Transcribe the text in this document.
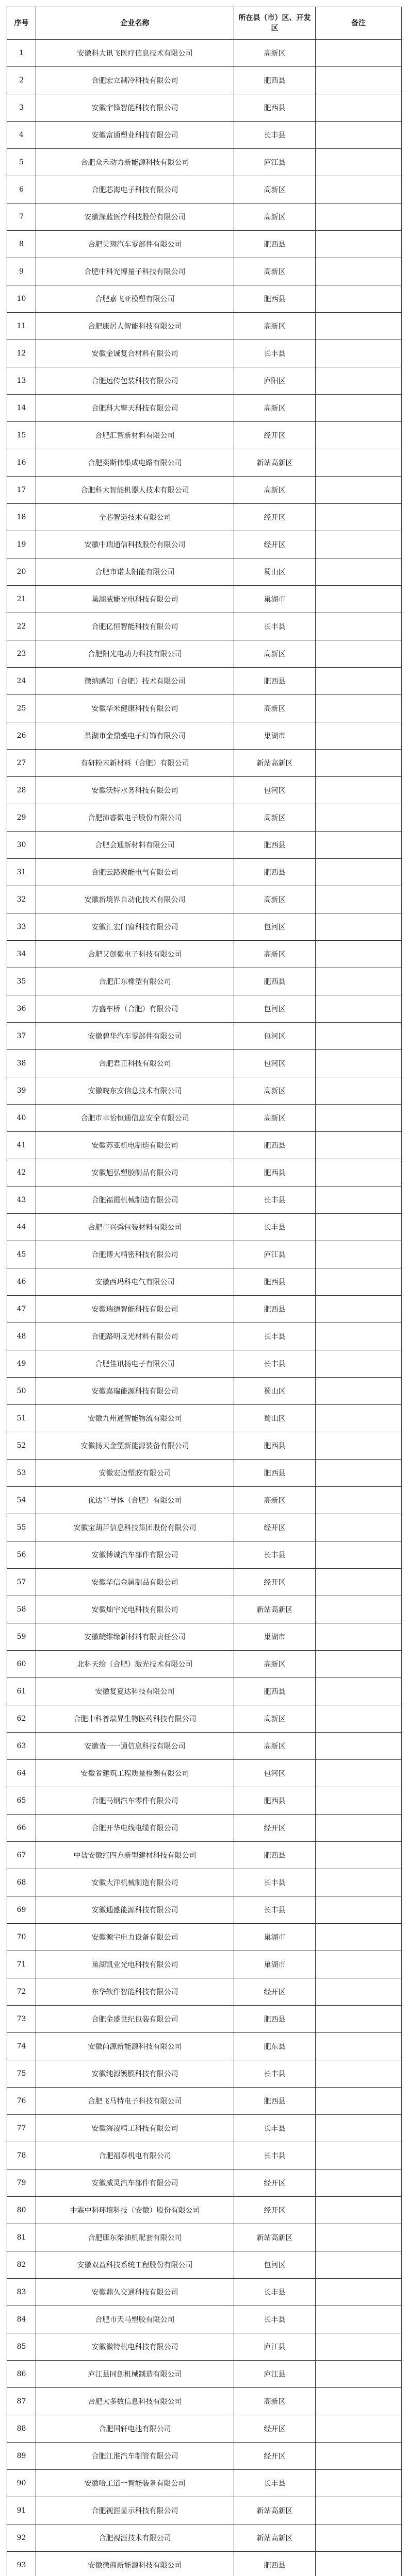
序号	企业名称	所在县（市）区、开发区	备注
1	安徽科大讯飞医疗信息技术有限公司	高新区	
2	合肥宏立制冷科技有限公司	肥西县	
3	安徽宇锋智能科技有限公司	肥西县	
4	安徽富通塑业科技有限公司	长丰县	
5	合肥众禾动力新能源科技有限公司	庐江县	
6	合肥芯海电子科技有限公司	高新区	
7	安徽深蓝医疗科技股份有限公司	高新区	
8	合肥昊翔汽车零部件有限公司	肥西县	
9	合肥中科光博量子科技有限公司	高新区	
10	合肥嘉飞亚模塑有限公司	肥西县	
11	合肥康居人智能科技有限公司	高新区	
12	安徽金诚复合材料有限公司	长丰县	
13	合肥远传包装科技有限公司	庐阳区	
14	合肥科大擎天科技有限公司	高新区	
15	合肥汇智新材料有限公司	经开区	
16	合肥奕斯伟集成电路有限公司	新站高新区	
17	合肥科大智能机器人技术有限公司	高新区	
18	全芯智造技术有限公司	经开区	
19	安徽中瑞通信科技股份有限公司	经开区	
20	合肥市诺太阳能有限公司	蜀山区	
21	巢湖威能光电科技有限公司	巢湖市	
22	合肥亿恒智能科技有限公司	长丰县	
23	合肥阳光电动力科技有限公司	高新区	
24	微纳感知（合肥）技术有限公司	肥西县	
25	安徽华米健康科技有限公司	高新区	
26	巢湖市金鼎盛电子灯饰有限公司	巢湖市	
27	有研粉末新材料（合肥）有限公司	新站高新区	
28	安徽沃特水务科技有限公司	包河区	
29	合肥沛睿微电子股份有限公司	高新区	
30	合肥会通新材料有限公司	肥西县	
31	合肥云路聚能电气有限公司	肥西县	
32	安徽新境界自动化技术有限公司	高新区	
33	安徽汇宏门窗科技有限公司	包河区	
34	合肥艾创微电子科技有限公司	高新区	
35	合肥汇东橡塑有限公司	肥西县	
36	方盛车桥（合肥）有限公司	包河区	
37	安徽碧华汽车零部件有限公司	包河区	
38	合肥君正科技有限公司	包河区	
39	安徽皖东安信息技术有限公司	高新区	
40	合肥市卓怡恒通信息安全有限公司	高新区	
41	安徽苏亚机电制造有限公司	肥西县	
42	安徽旭弘塑胶制品有限公司	肥西县	
43	合肥福霞机械制造有限公司	长丰县	
44	合肥市兴舜包装材料有限公司	长丰县	
45	合肥博大精密科技有限公司	庐江县	
46	安徽西玛科电气有限公司	肥西县	
47	安徽瑞德智能科技有限公司	肥西县	
48	合肥路明反光材料有限公司	长丰县	
49	合肥佳讯扬电子有限公司	长丰县	
50	安徽嘉瑞能源科技有限公司	蜀山区	
51	安徽九州通智能物流有限公司	蜀山区	
52	安徽扬天金塑新能源装备有限公司	肥西县	
53	安徽宏迈塑胶有限公司	肥西县	
54	优达半导体（合肥）有限公司	高新区	
55	安徽宝葫芦信息科技集团股份有限公司	经开区	
56	安徽博诚汽车部件有限公司	长丰县	
57	安徽华信金属制品有限公司	经开区	
58	安徽灿宇光电科技有限公司	新站高新区	
59	安徽皖维缘新材料有限责任公司	巢湖市	
60	北科天绘（合肥）激光技术有限公司	高新区	
61	安徽复夏达科技有限公司	肥西县	
62	合肥中科普瑞昇生物医药科技有限公司	高新区	
63	安徽省一一通信息科技有限公司	高新区	
64	安徽省建筑工程质量检测有限公司	包河区	
65	合肥马钢汽车零件有限公司	肥西县	
66	合肥开华电线电缆有限公司	经开区	
67	中盐安徽红四方新型建材科技有限公司	肥西县	
68	安徽大洋机械制造有限公司	长丰县	
69	安徽通盛能源科技有限公司	长丰县	
70	安徽源宇电力设备有限公司	巢湖市	
71	巢湖凯业光电科技有限公司	巢湖市	
72	东华软件智能科技有限公司	经开区	
73	合肥金盛世纪包装有限公司	肥西县	
74	安徽尚源新能源科技有限公司	肥东县	
75	安徽纯源镀膜科技有限公司	长丰县	
76	合肥飞马特电子科技有限公司	肥西县	
77	安徽海凌精工科技有限公司	长丰县	
78	合肥福泰机电有限公司	长丰县	
79	安徽威灵汽车部件有限公司	经开区	
80	中霖中科环境科技（安徽）股份有限公司	经开区	
81	合肥康东柴油机配套有限公司	新站高新区	
82	安徽双益科技系统工程股份有限公司	包河区	
83	安徽鼎久交通科技有限公司	长丰县	
84	合肥市天马塑胶有限公司	长丰县	
85	安徽徽特机电科技有限公司	庐江县	
86	庐江县同创机械制造有限公司	庐江县	
87	合肥大多数信息科技有限公司	高新区	
88	合肥国轩电池有限公司	经开区	
89	合肥江淮汽车制管有限公司	经开区	
90	安徽哈工道一智能装备有限公司	长丰县	
91	合肥视涯显示科技有限公司	新站高新区	
92	合肥视涯技术有限公司	新站高新区	
93	安徽微商新能源科技有限公司	肥西县	
